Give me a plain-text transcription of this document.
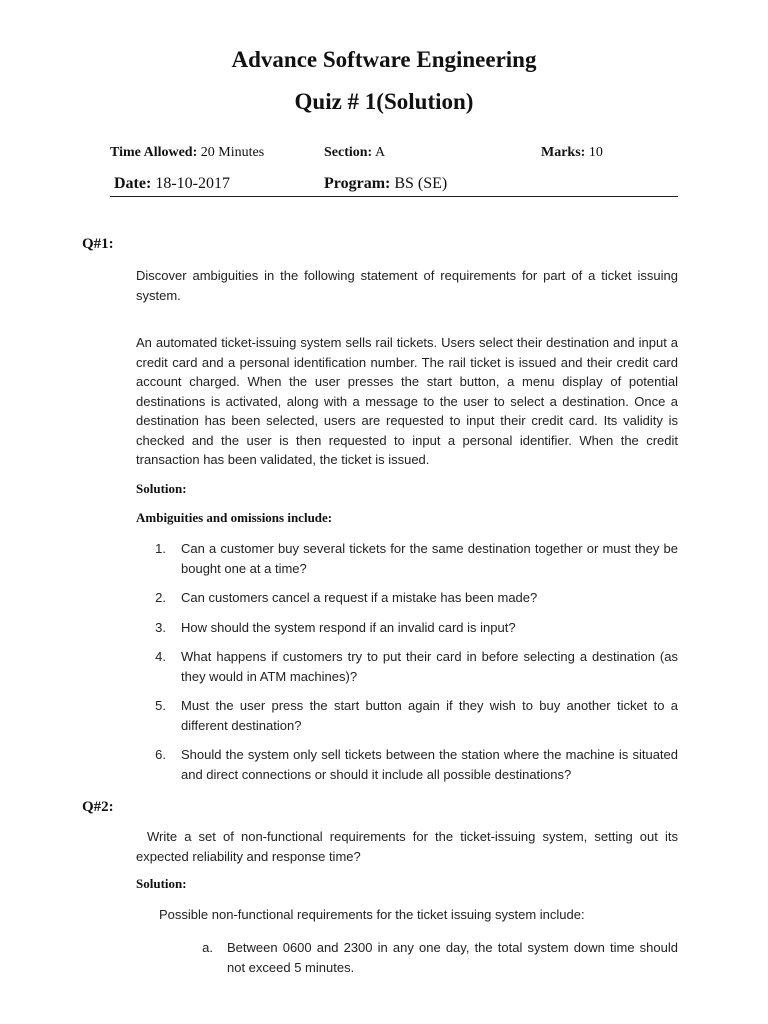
Advance Software Engineering
Quiz # 1(Solution)
Time Allowed: 20 Minutes	Section: A	Marks: 10
Date: 18-10-2017	Program: BS (SE)
Q#1:
Discover ambiguities in the following statement of requirements for part of a ticket issuing system.
An automated ticket-issuing system sells rail tickets. Users select their destination and input a credit card and a personal identification number. The rail ticket is issued and their credit card account charged. When the user presses the start button, a menu display of potential destinations is activated, along with a message to the user to select a destination. Once a destination has been selected, users are requested to input their credit card. Its validity is checked and the user is then requested to input a personal identifier. When the credit transaction has been validated, the ticket is issued.
Solution:
Ambiguities and omissions include:
1. Can a customer buy several tickets for the same destination together or must they be bought one at a time?
2. Can customers cancel a request if a mistake has been made?
3. How should the system respond if an invalid card is input?
4. What happens if customers try to put their card in before selecting a destination (as they would in ATM machines)?
5. Must the user press the start button again if they wish to buy another ticket to a different destination?
6. Should the system only sell tickets between the station where the machine is situated and direct connections or should it include all possible destinations?
Q#2:
Write a set of non-functional requirements for the ticket-issuing system, setting out its expected reliability and response time?
Solution:
Possible non-functional requirements for the ticket issuing system include:
a. Between 0600 and 2300 in any one day, the total system down time should not exceed 5 minutes.
